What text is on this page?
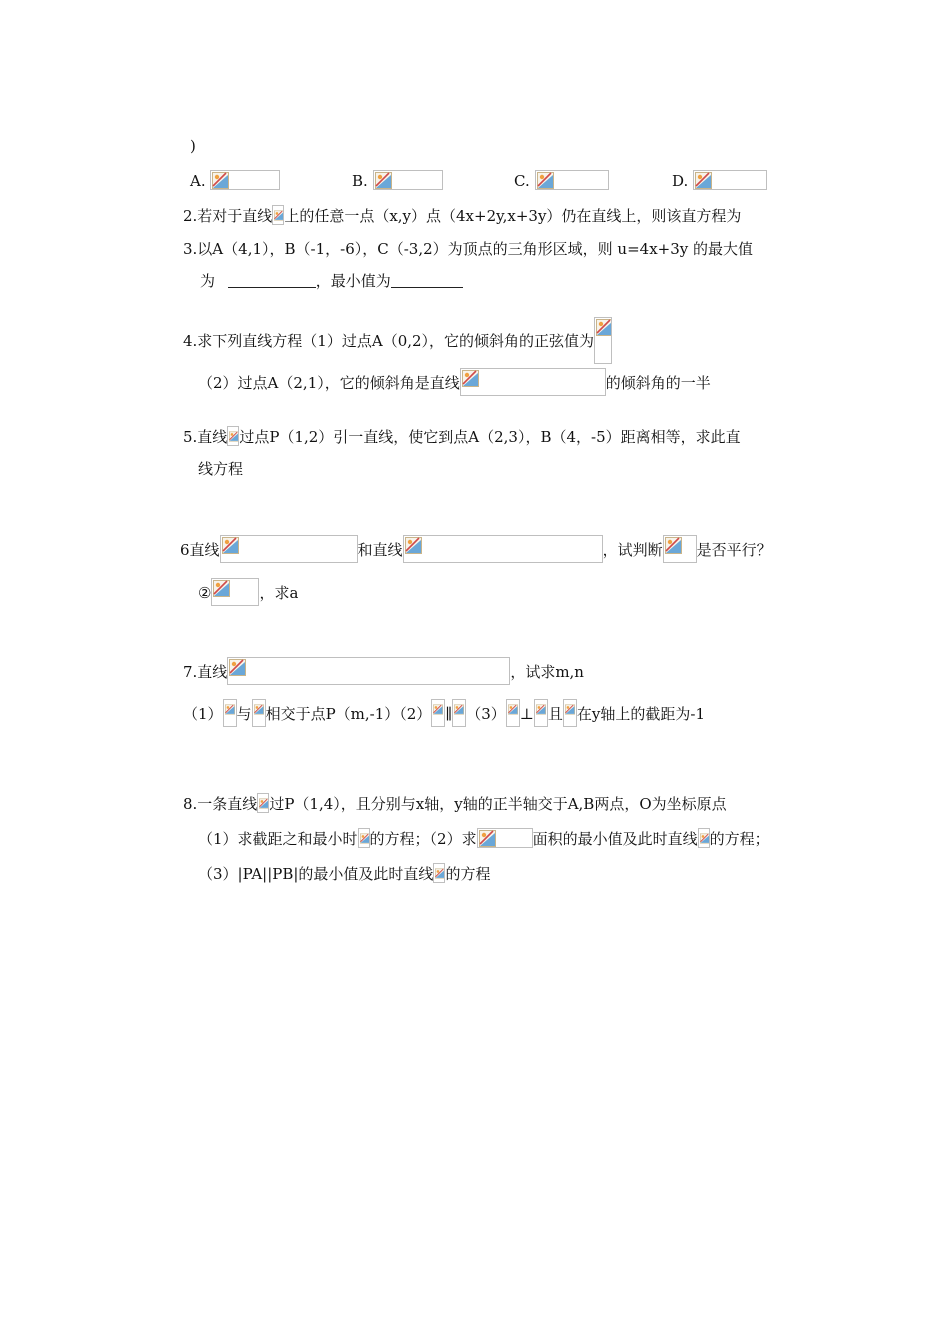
)
A.	B.	C.	D.
2.若对于直线 上的任意一点（x,y）点（4x+2y,x+3y）仍在直线上，则该直方程为
3.以A（4,1），B（-1，-6），C（-3,2）为顶点的三角形区域，则 u=4x+3y 的最大值
为	，最小值为
4.求下列直线方程（1）过点A（0,2），它的倾斜角的正弦值为
（2）过点A（2,1），它的倾斜角是直线	的倾斜角的一半
5.直线 过点P（1,2）引一直线，使它到点A（2,3），B（4，-5）距离相等，求此直
线方程
6直线	和直线	，试判断 是否平行？
②	，求a
7.直线	，试求m,n
（1） 与 相交于点P（m,-1）（2） ∥ （3） ⊥ 且 在y轴上的截距为-1
8.一条直线 过P（1,4），且分别与x轴，y轴的正半轴交于A,B两点，O为坐标原点
（1）求截距之和最小时 的方程；（2）求	面积的最小值及此时直线 的方程；
（3）|PA||PB|的最小值及此时直线 的方程
